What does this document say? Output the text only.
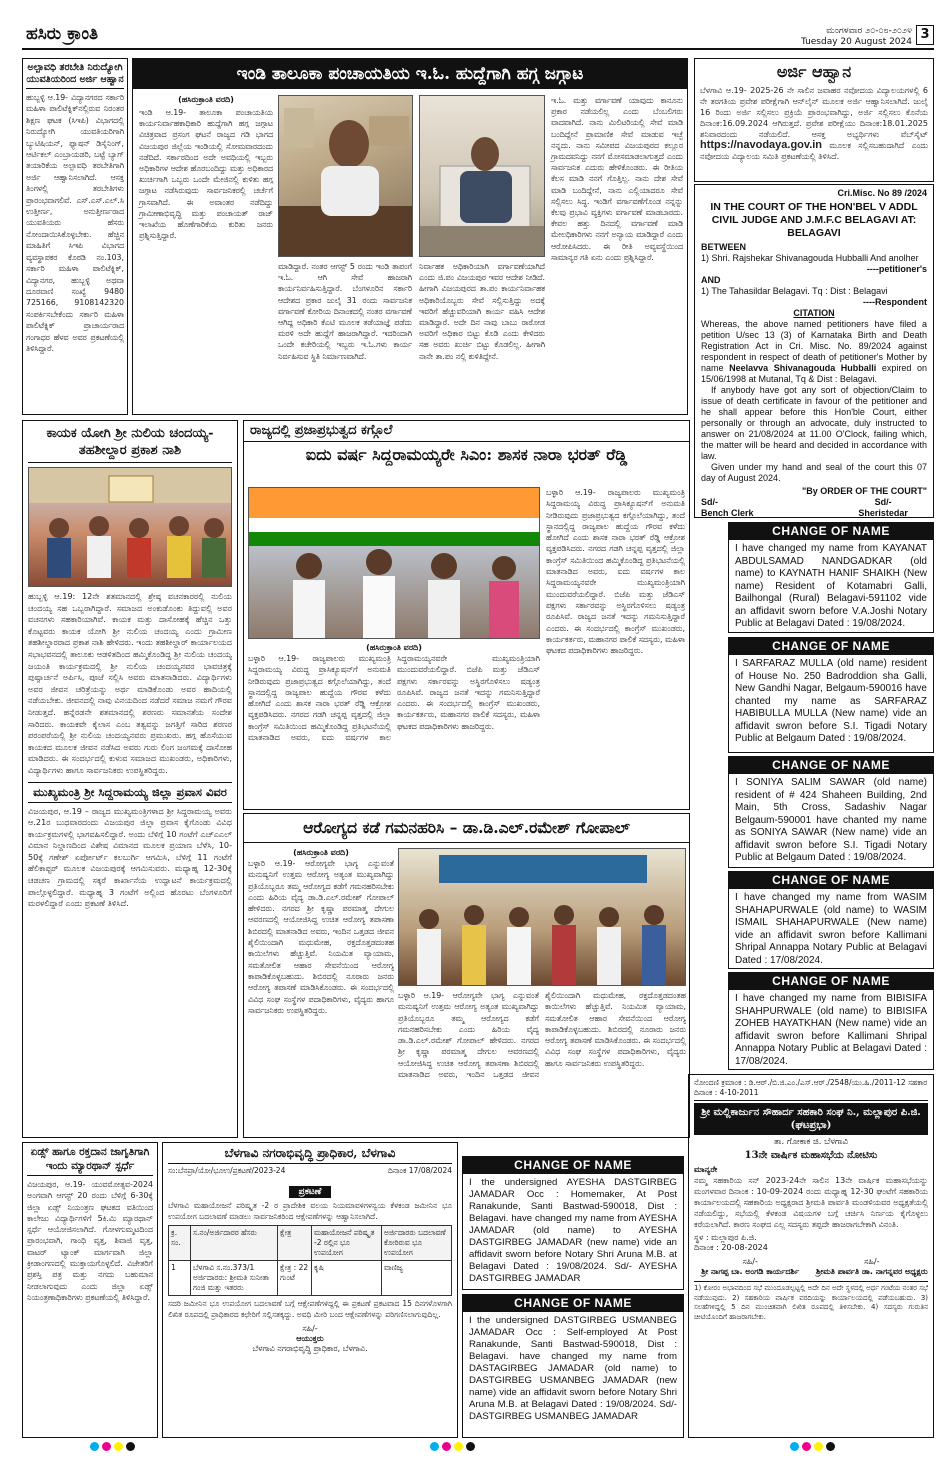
ಹಸಿರು ಕ್ರಾಂತಿ	ಮಂಗಳವಾರ ೨೦-೦೮-೨೦೨೪
Tuesday 20 August 2024 3
ಅಲ್ಪಾವಧಿ ತರಬೇತಿ ನಿರುದ್ಯೋಗಿ ಯುವತಿಯರಿಂದ ಅರ್ಜಿ ಆಹ್ವಾನ
ಹುಬ್ಬಳ್ಳಿ ಆ.19- ವಿದ್ಯಾನಗರದ ಸರ್ಕಾರಿ ಮಹಿಳಾ ಪಾಲಿಟೆಕ್ನಿಕ್‌ನಲ್ಲಿರುವ ನಿರಂತರ ಶಿಕ್ಷಣ ಘಟಕ (ಸಿಇಪಿ) ವಿಭಾಗದಲ್ಲಿ ನಿರುದ್ಯೋಗಿ ಯುವತಿಯರಿಗಾಗಿ ಬ್ಯುಟಿಷಿಯನ್, ಫ್ಯಾಷನ್ ಡಿಸೈನಿಂಗ್, ಆರ್ಟಿಕಲ್ ಎಂಬ್ರಾಯಡರಿ, ಬಟ್ಟೆ ಬ್ಯಾಗ್ ತಯಾರಿಕೆಯ ಅಲ್ಪಾವಧಿ ತರಬೇತಿಗಾಗಿ ಅರ್ಜಿ ಆಹ್ವಾನಿಸಲಾಗಿದೆ. ಆಸಕ್ತ ತಿಂಗಳಲ್ಲಿ ತರಬೇತಿಗಳು ಪ್ರಾರಂಭವಾಗಲಿವೆ. ಎಸ್.ಎಸ್.ಎಲ್.ಸಿ ಉತ್ತೀರ್ಣ, ಅನುತ್ತೀರ್ಣರಾದ ಯುವತಿಯರು ಹೆಸರು ನೋಂದಾಯಿಸಿಕೊಳ್ಳಬೇಕು. ಹೆಚ್ಚಿನ ಮಾಹಿತಿಗೆ ಸಿಇಪಿ ವಿಭಾಗದ ವ್ಯವಸ್ಥಾಪಕರ ಕೊಠಡಿ ನಂ.103, ಸರ್ಕಾರಿ ಮಹಿಳಾ ಪಾಲಿಟೆಕ್ನಿಕ್, ವಿದ್ಯಾನಗರ, ಹುಬ್ಬಳ್ಳಿ ಅಥವಾ ದೂರವಾಣಿ ಸಂಖ್ಯೆ 9480 725166, 9108142320 ಸಂಪರ್ಕಿಸಬೇಕೆಂದು ಸರ್ಕಾರಿ ಮಹಿಳಾ ಪಾಲಿಟೆಕ್ನಿಕ್ ಪ್ರಾಚಾರ್ಯರಾದ ಗಂಗಾಧರ ಹೆಳವ ಅವರ ಪ್ರಕಟಣೆಯಲ್ಲಿ ತಿಳಿಸಿದ್ದಾರೆ.
ಇಂಡಿ ತಾಲೂಕಾ ಪಂಚಾಯತಿಯ ಇ.ಓ. ಹುದ್ದೆಗಾಗಿ ಹಗ್ಗ ಜಗ್ಗಾಟ
(ಹಸಿರುಕ್ರಾಂತಿ ವರದಿ)
ಇಂಡಿ ಆ.19- ತಾಲೂಕಾ ಪಂಚಾಯತಿಯ ಕಾರ್ಯನಿರ್ವಾಹಕಾಧಿಕಾರಿ ಹುದ್ದೆಗಾಗಿ ಹಗ್ಗ ಜಗ್ಗಾಟ ವಿಚಿತ್ರವಾದ ಪ್ರಸಂಗ ಘಟನೆ ರಾಜ್ಯದ ಗಡಿ ಭಾಗದ ವಿಜಯಪುರ ಜಿಲ್ಲೆಯ ಇಂಡಿಯಲ್ಲಿ ಸೋಮವಾರದಂದು ನಡೆದಿದೆ. ಸರ್ಕಾರದಿಂದ ಅದೇ ಅವಧಿಯಲ್ಲಿ ಇಬ್ಬರು ಅಧಿಕಾರಿಗಳ ಆದೇಶ ಹೊರಬಂದಿದ್ದು ಮತ್ತು ಅಧಿಕಾರದ ಖುರ್ಚಿಗಾಗಿ ಒಬ್ಬರು ಒಂದೇ ಮೇಜಿನಲ್ಲಿ ಕುಳಿತು ಹಗ್ಗ ಜಗ್ಗಾಟ ನಡೆಸಿರುವುದು ಸಾರ್ವಜನಿಕರಲ್ಲಿ ಚರ್ಚೆಗೆ ಗ್ರಾಸವಾಗಿದೆ. ಈ ಅವಾಂತರ ನಡೆದಿದ್ದು ಗ್ರಾಮೀಣಾಭಿವೃದ್ಧಿ ಮತ್ತು ಪಂಚಾಯತ್ ರಾಜ್ ಇಲಾಖೆಯ ಹೊಣೆಗಾರಿಕೆಯ ಕುರಿತು ಜನರು ಪ್ರಶ್ನಿಸುತ್ತಿದ್ದಾರೆ.
ಮಾಡಿದ್ದಾರೆ. ನಂತರ ಆಗಸ್ಟ್ 5 ರಂದು ಇಂಡಿ ತಾಪಂಗೆ ಇ.ಓ. ಆಗಿ ಸೇವೆ ಹಾಜರಾಗಿ ಕಾರ್ಯನಿರ್ವಹಿಸುತ್ತಿದ್ದಾರೆ. ಬೆಂಗಳೂರಿನ ಸರ್ಕಾರಿ ಆದೇಶದ ಪ್ರಕಾರ ಜುಲೈ 31 ರಂದು ಸಾರ್ವಜನಿಕ ವರ್ಗಾವಣೆ ಕೋರಿಯ ದಿನಾಂಕದಲ್ಲಿ ನಂತರ ವರ್ಗಾವಣೆ ಆಗಿದ್ದ ಅಧಿಕಾರಿ ಕೆಎಟಿ ಮೂಲಕ ತಡೆಯಾಜ್ಞೆ ಪಡೆದು ಮರಳಿ ಅದೇ ಹುದ್ದೆಗೆ ಹಾಜರಾಗಿದ್ದಾರೆ. ಇದರಿಂದಾಗಿ ಒಂದೇ ಕಚೇರಿಯಲ್ಲಿ ಇಬ್ಬರು ಇ.ಓ.ಗಳು ಕಾರ್ಯ ನಿರ್ವಹಿಸುವ ಸ್ಥಿತಿ ನಿರ್ಮಾಣವಾಗಿದೆ.
ನಿರ್ವಾಹಕ ಅಧಿಕಾರಿಯಾಗಿ ವರ್ಗಾವಣೆಯಾಗಿದೆ ಎಂದು ಜಿ.ಪಂ ವಿಜಯಪುರ ಇವರ ಆದೇಶ ನೀಡಿದೆ. ಹೀಗಾಗಿ ವಿಜಯಪುರದ ತಾ.ಪಂ ಕಾರ್ಯನಿರ್ವಾಹಕ ಅಧಿಕಾರಿಯೊಬ್ಬರು ಸೇವೆ ಸಲ್ಲಿಸುತ್ತಿದ್ದು ಅದಕ್ಕೆ ಇವರಿಗೆ ಹೆಚ್ಚುವರಿಯಾಗಿ ಕಾರ್ಯ ವಹಿಸಿ ಆದೇಶ ಮಾಡಿದ್ದಾರೆ. ಅದೇ ದಿನ ನಾವು ಬಾಬು ರಾಠೋಡ ಅವರಿಗೆ ಅಧಿಕಾರ ಬಿಟ್ಟು ಕೊಡಿ ಎಂದು ಕೇಳಿದರು ಸಹ ಅವರು ಖುರ್ಚಿ ಬಿಟ್ಟು ಕೊಡಲಿಲ್ಲ. ಹೀಗಾಗಿ ನಾನೇ ತಾ.ಪಂ ನಲ್ಲಿ ಕುಳಿತಿದ್ದೇನೆ.
ಇ.ಓ. ಮತ್ತು ವರ್ಗಾವಣೆ ಯಾವುದು ಕಾನೂನು ಪ್ರಕಾರ ನಡೆಯಲಿಲ್ಲ ಎಂದು ಬೆಂಬಲಿಗರು ವಾದವಾಗಿದೆ. ನಾನು ಮಿಲಿಟರಿಯಲ್ಲಿ ಸೇವೆ ಮಾಡಿ ಬಂದಿದ್ದೇನೆ ಪ್ರಾಮಾಣಿಕ ಸೇವೆ ಮಾಡುವ ಇಚ್ಛೆ ನನ್ನದು. ನಾನು ಸಮೀಪದ ವಿಜಯಪುರದ ಕಲ್ಲೂರ ಗ್ರಾಮದವನಿದ್ದು ನನಗೆ ಮೋಸಮಾಡಲಾಗುತ್ತದೆ ಎಂದು ಸಾರ್ವಜನಿಕ ಎದುರು ಹೇಳಿಕೊಂಡರು. ಈ ರೀತಿಯ ಕೆಲಸ ಮಾಡಿ ನನಗೆ ಗೊತ್ತಿಲ್ಲ. ನಾನು ದೇಶ ಸೇವೆ ಮಾಡಿ ಬಂದಿದ್ದೇನೆ, ನಾನು ಎಲ್ಲಿಯಾದರೂ ಸೇವೆ ಸಲ್ಲಿಸಲು ಸಿದ್ಧ. ಇಂಡಿಗೆ ವರ್ಗಾವಣೆಗೊಂಡ ನನ್ನನ್ನು ಕೆಲವು ಪ್ರಭಾವಿ ವ್ಯಕ್ತಿಗಳು ವರ್ಗಾವಣೆ ಮಾಡಬಾರದು. ಕೇವಲ ಹತ್ತು ದಿನದಲ್ಲಿ ವರ್ಗಾವಣೆ ಮಾಡಿ ಮೇಲಧಿಕಾರಿಗಳು ನನಗೆ ಅನ್ಯಾಯ ಮಾಡಿದ್ದಾರೆ ಎಂದು ಆರೋಪಿಸಿದರು. ಈ ರೀತಿ ಅವ್ಯವಸ್ಥೆಯಿಂದ ಸಾಮಾನ್ಯರ ಗತಿ ಏನು ಎಂದು ಪ್ರಶ್ನಿಸಿದ್ದಾರೆ.
ಅರ್ಜಿ ಆಹ್ವಾನ
ಬೆಳಗಾವಿ ಆ.19- 2025-26 ನೇ ಸಾಲಿನ ಜವಾಹರ ನವೋದಯ ವಿದ್ಯಾಲಯಗಳಲ್ಲಿ 6 ನೇ ತರಗತಿಯ ಪ್ರವೇಶ ಪರೀಕ್ಷೆಗಾಗಿ ಆನ್‌ಲೈನ್ ಮೂಲಕ ಅರ್ಜಿ ಆಹ್ವಾನಿಸಲಾಗಿದೆ. ಜುಲೈ 16 ರಿಂದು ಅರ್ಜಿ ಸಲ್ಲಿಸಲು ಪ್ರಕ್ರಿಯೆ ಪ್ರಾರಂಭವಾಗಿದ್ದು, ಅರ್ಜಿ ಸಲ್ಲಿಸಲು ಕೊನೆಯ ದಿನಾಂಕ:16.09.2024 ಆಗಿರುತ್ತದೆ. ಪ್ರವೇಶ ಪರೀಕ್ಷೆಯು ದಿನಾಂಕ:18.01.2025 ಶನಿವಾರದಂದು ನಡೆಯಲಿದೆ. ಆಸಕ್ತ ಅಭ್ಯರ್ಥಿಗಳು ವೆಬ್‌ಸೈಟ್ https://navodaya.gov.in ಮೂಲಕ ಸಲ್ಲಿಸಬಹುದಾಗಿದೆ ಎಂದು ನವೋದಯ ವಿದ್ಯಾಲಯ ಸಮಿತಿ ಪ್ರಕಟಣೆಯಲ್ಲಿ ತಿಳಿಸಿದೆ.
Cri.Misc. No 89 /2024
IN THE COURT OF THE HON'BEL V ADDL CIVIL JUDGE AND J.M.F.C BELAGAVI AT: BELAGAVI
BETWEEN
1) Shri. Rajshekar Shivanagouda Hubballi And anolher
----petitioner's
AND
1) The Tahasildar Belagavi. Tq : Dist : Belagavi
----Respondent
CITATION
Whereas, the above named petitioners have filed a petition U/sec 13 (3) of Karnataka Birth and Death Registration Act in Cri. Misc. No. 89/2024 against respondent in respect of death of petitioner's Mother by name Neelavva Shivanagouda Hubballi expired on 15/06/1998 at Mutanal, Tq & Dist : Belagavi.
If anybody have got any sort of objection/Claim to issue of death certificate in favour of the petitioner and he shall appear before this Hon'ble Court, either personally or through an advocate, duly instructed to answer on 21/08/2024 at 11.00 O'Clock, failing which, the matter will be heard and decided in accordance with law.
Given under my hand and seal of the court this 07 day of August 2024.
"By ORDER OF THE COURT"
Sd/-
Bench Clerk
Sd/-
Sheristedar
CHANGE OF NAME
I have changed my name from KAYANAT ABDULSAMAD NANDGADKAR (old name) to KAYNATH HANIF SHAIKH (New name) Resident of Kotamabri Galli, Bailhongal (Rural) Belagavi-591102 vide an affidavit sworn before V.A.Joshi Notary Public at Belagavi Dated : 19/08/2024.
CHANGE OF NAME
I SARFARAZ MULLA (old name) resident of House No. 250 Badroddion sha Galli, New Gandhi Nagar, Belgaum-590016 have chanted my name as SARFARAZ HABIBULLA MULLA (New name) vide an affidavit swron before S.I. Tigadi Notary Public at Belgaum Dated : 19/08/2024.
CHANGE OF NAME
I SONIYA SALIM SAWAR (old name) resident of # 424 Shaheen Building, 2nd Main, 5th Cross, Sadashiv Nagar Belgaum-590001 have chanted my name as SONIYA SAWAR (New name) vide an affidavit swron before S.I. Tigadi Notary Public at Belgaum Dated : 19/08/2024.
CHANGE OF NAME
I have changed my name from WASIM SHAHAPURWALE (old name) to WASIM ISMAIL SHAHAPURWALE (New name) vide an affidavit swron before Kallimani Shripal Annappa Notary Public at Belagavi Dated : 17/08/2024.
CHANGE OF NAME
I have changed my name from BIBISIFA SHAHPURWALE (old name) to BIBISIFA ZOHEB HAYATKHAN (New name) vide an affidavit swron before Kallimani Shripal Annappa Notary Public at Belagavi Dated : 17/08/2024.
ಕಾಯಕ ಯೋಗಿ ಶ್ರೀ ನುಲಿಯ ಚಂದಯ್ಯ-ತಹಶೀಲ್ದಾರ ಪ್ರಕಾಶ ನಾಶಿ
ಹುಬ್ಬಳ್ಳಿ ಆ.19: 12ನೇ ಶತಮಾನದಲ್ಲಿ ಶ್ರೇಷ್ಠ ವಚನಕಾರರಲ್ಲಿ ನುಲಿಯ ಚಂದಯ್ಯ ಸಹ ಒಬ್ಬರಾಗಿದ್ದಾರೆ. ಸಮಾಜದ ಅಂಕುಡೊಂಕು ತಿದ್ದುವಲ್ಲಿ ಅವರ ವಚನಗಳು ಸಹಕಾರಿಯಾಗಿವೆ. ಕಾಯಕ ಮತ್ತು ದಾಸೋಹಕ್ಕೆ ಹೆಚ್ಚಿನ ಒತ್ತು ಕೊಟ್ಟವರು ಕಾಯಕ ಯೋಗಿ ಶ್ರೀ ನುಲಿಯ ಚಂದಯ್ಯ ಎಂದು ಗ್ರಾಮೀಣ ತಹಶೀಲ್ದಾರರಾದ ಪ್ರಕಾಶ ನಾಶಿ ಹೇಳಿದರು. ಇಂದು ತಹಶೀಲ್ದಾರ್ ಕಾರ್ಯಾಲಯದ ಸಭಾಭವನದಲ್ಲಿ ತಾಲೂಕು ಆಡಳಿತದಿಂದ ಹಮ್ಮಿಕೊಂಡಿದ್ದ ಶ್ರೀ ನುಲಿಯ ಚಂದಯ್ಯ ಜಯಂತಿ ಕಾರ್ಯಕ್ರಮದಲ್ಲಿ ಶ್ರೀ ನುಲಿಯ ಚಂದಯ್ಯನವರ ಭಾವಚಿತ್ರಕ್ಕೆ ಪುಷ್ಪಾರ್ಚನೆ ಅರ್ಪಿಸಿ, ಪೂಜೆ ಸಲ್ಲಿಸಿ ಅವರು ಮಾತನಾಡಿದರು. ವಿದ್ಯಾರ್ಥಿಗಳು ಅವರ ಜೀವನ ಚರಿತ್ರೆಯನ್ನು ಅರ್ಥ ಮಾಡಿಕೊಂಡು ಅವರ ಹಾದಿಯಲ್ಲಿ ನಡೆಯಬೇಕು. ಜೀವನದಲ್ಲಿ ನಾವು ವಿನಯದಿಂದ ನಡೆದರೆ ಸಮಾಜ ನಮಗೆ ಗೌರವ ನೀಡುತ್ತದೆ. ಹನ್ನೆರಡನೇ ಶತಮಾನದಲ್ಲಿ ಶರಣರು ಸಮಾನತೆಯ ಸಂದೇಶ ಸಾರಿದರು. ಕಾಯಕವೇ ಕೈಲಾಸ ಎಂಬ ತತ್ವವನ್ನು ಜಗತ್ತಿಗೆ ಸಾರಿದ ಶರಣರ ಪರಂಪರೆಯಲ್ಲಿ ಶ್ರೀ ನುಲಿಯ ಚಂದಯ್ಯನವರು ಪ್ರಮುಖರು. ಹಗ್ಗ ಹೊಸೆಯುವ ಕಾಯಕದ ಮೂಲಕ ಜೀವನ ನಡೆಸಿದ ಅವರು ಗುರು ಲಿಂಗ ಜಂಗಮಕ್ಕೆ ದಾಸೋಹ ಮಾಡಿದರು. ಈ ಸಂದರ್ಭದಲ್ಲಿ ಕುಳುವ ಸಮಾಜದ ಮುಖಂಡರು, ಅಧಿಕಾರಿಗಳು, ವಿದ್ಯಾರ್ಥಿಗಳು ಹಾಗೂ ಸಾರ್ವಜನಿಕರು ಉಪಸ್ಥಿತರಿದ್ದರು.
ಮುಖ್ಯಮಂತ್ರಿ ಶ್ರೀ ಸಿದ್ದರಾಮಯ್ಯ ಜಿಲ್ಲಾ ಪ್ರವಾಸ ವಿವರ
ವಿಜಯಪುರ, ಆ.19 – ರಾಜ್ಯದ ಮುಖ್ಯಮಂತ್ರಿಗಳಾದ ಶ್ರೀ ಸಿದ್ದರಾಮಯ್ಯ ಅವರು ಆ.21ರ ಬುಧವಾರದಂದು ವಿಜಯಪುರ ಜಿಲ್ಲಾ ಪ್ರವಾಸ ಕೈಗೊಂಡು ವಿವಿಧ ಕಾರ್ಯಕ್ರಮಗಳಲ್ಲಿ ಭಾಗವಹಿಸಲಿದ್ದಾರೆ. ಅಂದು ಬೆಳಿಗ್ಗೆ 10 ಗಂಟೆಗೆ ಎಚ್‌ಎಎಲ್ ವಿಮಾನ ನಿಲ್ದಾಣದಿಂದ ವಿಶೇಷ ವಿಮಾನದ ಮೂಲಕ ಪ್ರಯಾಣ ಬೆಳೆಸಿ, 10-50ಕ್ಕೆ ಗಣೇಶ್ ಏರ್ಪೋರ್ಟ್ ಕಲಬುರ್ಗಿ ಆಗಮಿಸಿ, ಬೆಳಿಗ್ಗೆ 11 ಗಂಟೆಗೆ ಹೆಲಿಕಾಪ್ಟರ್ ಮೂಲಕ ವಿಜಯಪುರಕ್ಕೆ ಆಗಮಿಸುವರು. ಮಧ್ಯಾಹ್ನ 12-30ಕ್ಕೆ ಚಡಚಣ ಗ್ರಾಮದಲ್ಲಿ ಸಕ್ಕರೆ ಕಾರ್ಖಾನೆಯ ಉದ್ಘಾಟನೆ ಕಾರ್ಯಕ್ರಮದಲ್ಲಿ ಪಾಲ್ಗೊಳ್ಳಲಿದ್ದಾರೆ. ಮಧ್ಯಾಹ್ನ 3 ಗಂಟೆಗೆ ಅಲ್ಲಿಂದ ಹೊರಟು ಬೆಂಗಳೂರಿಗೆ ಮರಳಲಿದ್ದಾರೆ ಎಂದು ಪ್ರಕಟಣೆ ತಿಳಿಸಿದೆ.
ರಾಜ್ಯದಲ್ಲಿ ಪ್ರಜಾಪ್ರಭುತ್ವದ ಕಗ್ಗೊಲೆ
ಐದು ವರ್ಷ ಸಿದ್ದರಾಮಯ್ಯರೇ ಸಿಎಂ: ಶಾಸಕ ನಾರಾ ಭರತ್ ರೆಡ್ಡಿ
(ಹಸಿರುಕ್ರಾಂತಿ ವರದಿ)
ಬಳ್ಳಾರಿ ಆ.19- ರಾಜ್ಯಪಾಲರು ಮುಖ್ಯಮಂತ್ರಿ ಸಿದ್ದರಾಮಯ್ಯ ವಿರುದ್ಧ ಪ್ರಾಸಿಕ್ಯೂಷನ್‌ಗೆ ಅನುಮತಿ ನೀಡಿರುವುದು ಪ್ರಜಾಪ್ರಭುತ್ವದ ಕಗ್ಗೊಲೆಯಾಗಿದ್ದು, ತಂದೆ ಸ್ಥಾನದಲ್ಲಿದ್ದ ರಾಜ್ಯಪಾಲ ಹುದ್ದೆಯ ಗೌರವ ಕಳೆದು ಹೋಗಿದೆ ಎಂದು ಶಾಸಕ ನಾರಾ ಭರತ್ ರೆಡ್ಡಿ ಆಕ್ರೋಶ ವ್ಯಕ್ತಪಡಿಸಿದರು. ನಗರದ ಗಡಗಿ ಚನ್ನಪ್ಪ ವೃತ್ತದಲ್ಲಿ ಜಿಲ್ಲಾ ಕಾಂಗ್ರೆಸ್ ಸಮಿತಿಯಿಂದ ಹಮ್ಮಿಕೊಂಡಿದ್ದ ಪ್ರತಿಭಟನೆಯಲ್ಲಿ ಮಾತನಾಡಿದ ಅವರು, ಐದು ವರ್ಷಗಳ ಕಾಲ ಸಿದ್ದರಾಮಯ್ಯನವರೇ ಮುಖ್ಯಮಂತ್ರಿಯಾಗಿ ಮುಂದುವರೆಯಲಿದ್ದಾರೆ. ಬಿಜೆಪಿ ಮತ್ತು ಜೆಡಿಎಸ್ ಪಕ್ಷಗಳು ಸರ್ಕಾರವನ್ನು ಅಸ್ಥಿರಗೊಳಿಸಲು ಷಡ್ಯಂತ್ರ ರೂಪಿಸಿವೆ. ರಾಜ್ಯದ ಜನತೆ ಇದನ್ನು ಗಮನಿಸುತ್ತಿದ್ದಾರೆ ಎಂದರು. ಈ ಸಂದರ್ಭದಲ್ಲಿ ಕಾಂಗ್ರೆಸ್ ಮುಖಂಡರು, ಕಾರ್ಯಕರ್ತರು, ಮಹಾನಗರ ಪಾಲಿಕೆ ಸದಸ್ಯರು, ಮಹಿಳಾ ಘಟಕದ ಪದಾಧಿಕಾರಿಗಳು ಹಾಜರಿದ್ದರು.
ಬಳ್ಳಾರಿ ಆ.19- ರಾಜ್ಯಪಾಲರು ಮುಖ್ಯಮಂತ್ರಿ ಸಿದ್ದರಾಮಯ್ಯ ವಿರುದ್ಧ ಪ್ರಾಸಿಕ್ಯೂಷನ್‌ಗೆ ಅನುಮತಿ ನೀಡಿರುವುದು ಪ್ರಜಾಪ್ರಭುತ್ವದ ಕಗ್ಗೊಲೆಯಾಗಿದ್ದು, ತಂದೆ ಸ್ಥಾನದಲ್ಲಿದ್ದ ರಾಜ್ಯಪಾಲ ಹುದ್ದೆಯ ಗೌರವ ಕಳೆದು ಹೋಗಿದೆ ಎಂದು ಶಾಸಕ ನಾರಾ ಭರತ್ ರೆಡ್ಡಿ ಆಕ್ರೋಶ ವ್ಯಕ್ತಪಡಿಸಿದರು. ನಗರದ ಗಡಗಿ ಚನ್ನಪ್ಪ ವೃತ್ತದಲ್ಲಿ ಜಿಲ್ಲಾ ಕಾಂಗ್ರೆಸ್ ಸಮಿತಿಯಿಂದ ಹಮ್ಮಿಕೊಂಡಿದ್ದ ಪ್ರತಿಭಟನೆಯಲ್ಲಿ ಮಾತನಾಡಿದ ಅವರು, ಐದು ವರ್ಷಗಳ ಕಾಲ ಸಿದ್ದರಾಮಯ್ಯನವರೇ ಮುಖ್ಯಮಂತ್ರಿಯಾಗಿ ಮುಂದುವರೆಯಲಿದ್ದಾರೆ. ಬಿಜೆಪಿ ಮತ್ತು ಜೆಡಿಎಸ್ ಪಕ್ಷಗಳು ಸರ್ಕಾರವನ್ನು ಅಸ್ಥಿರಗೊಳಿಸಲು ಷಡ್ಯಂತ್ರ ರೂಪಿಸಿವೆ. ರಾಜ್ಯದ ಜನತೆ ಇದನ್ನು ಗಮನಿಸುತ್ತಿದ್ದಾರೆ ಎಂದರು. ಈ ಸಂದರ್ಭದಲ್ಲಿ ಕಾಂಗ್ರೆಸ್ ಮುಖಂಡರು, ಕಾರ್ಯಕರ್ತರು, ಮಹಾನಗರ ಪಾಲಿಕೆ ಸದಸ್ಯರು, ಮಹಿಳಾ ಘಟಕದ ಪದಾಧಿಕಾರಿಗಳು ಹಾಜರಿದ್ದರು.
ಆರೋಗ್ಯದ ಕಡೆ ಗಮನಹರಿಸಿ – ಡಾ.ಡಿ.ಎಲ್.ರಮೇಶ್ ಗೋಪಾಲ್
(ಹಸಿರುಕ್ರಾಂತಿ ವರದಿ)
ಬಳ್ಳಾರಿ ಆ.19- ಆರೋಗ್ಯವೇ ಭಾಗ್ಯ ಎನ್ನುವಂತೆ ಮನುಷ್ಯನಿಗೆ ಉತ್ತಮ ಆರೋಗ್ಯ ಅತ್ಯಂತ ಮುಖ್ಯವಾಗಿದ್ದು ಪ್ರತಿಯೊಬ್ಬರೂ ತಮ್ಮ ಆರೋಗ್ಯದ ಕಡೆಗೆ ಗಮನಹರಿಸಬೇಕು ಎಂದು ಹಿರಿಯ ವೈದ್ಯ ಡಾ.ಡಿ.ಎಲ್.ರಮೇಶ್ ಗೋಪಾಲ್ ಹೇಳಿದರು. ನಗರದ ಶ್ರೀ ಕೃಷ್ಣಾ ಪರಮಾತ್ಮ ದೇಗುಲ ಆವರಣದಲ್ಲಿ ಆಯೋಜಿಸಿದ್ದ ಉಚಿತ ಆರೋಗ್ಯ ತಪಾಸಣಾ ಶಿಬಿರದಲ್ಲಿ ಮಾತನಾಡಿದ ಅವರು, ಇಂದಿನ ಒತ್ತಡದ ಜೀವನ ಶೈಲಿಯಿಂದಾಗಿ ಮಧುಮೇಹ, ರಕ್ತದೊತ್ತಡದಂತಹ ಕಾಯಿಲೆಗಳು ಹೆಚ್ಚುತ್ತಿವೆ. ನಿಯಮಿತ ವ್ಯಾಯಾಮ, ಸಮತೋಲಿತ ಆಹಾರ ಸೇವನೆಯಿಂದ ಆರೋಗ್ಯ ಕಾಪಾಡಿಕೊಳ್ಳಬಹುದು. ಶಿಬಿರದಲ್ಲಿ ನೂರಾರು ಜನರು ಆರೋಗ್ಯ ತಪಾಸಣೆ ಮಾಡಿಸಿಕೊಂಡರು. ಈ ಸಂದರ್ಭದಲ್ಲಿ ವಿವಿಧ ಸಂಘ ಸಂಸ್ಥೆಗಳ ಪದಾಧಿಕಾರಿಗಳು, ವೈದ್ಯರು ಹಾಗೂ ಸಾರ್ವಜನಿಕರು ಉಪಸ್ಥಿತರಿದ್ದರು.
ಬಳ್ಳಾರಿ ಆ.19- ಆರೋಗ್ಯವೇ ಭಾಗ್ಯ ಎನ್ನುವಂತೆ ಮನುಷ್ಯನಿಗೆ ಉತ್ತಮ ಆರೋಗ್ಯ ಅತ್ಯಂತ ಮುಖ್ಯವಾಗಿದ್ದು ಪ್ರತಿಯೊಬ್ಬರೂ ತಮ್ಮ ಆರೋಗ್ಯದ ಕಡೆಗೆ ಗಮನಹರಿಸಬೇಕು ಎಂದು ಹಿರಿಯ ವೈದ್ಯ ಡಾ.ಡಿ.ಎಲ್.ರಮೇಶ್ ಗೋಪಾಲ್ ಹೇಳಿದರು. ನಗರದ ಶ್ರೀ ಕೃಷ್ಣಾ ಪರಮಾತ್ಮ ದೇಗುಲ ಆವರಣದಲ್ಲಿ ಆಯೋಜಿಸಿದ್ದ ಉಚಿತ ಆರೋಗ್ಯ ತಪಾಸಣಾ ಶಿಬಿರದಲ್ಲಿ ಮಾತನಾಡಿದ ಅವರು, ಇಂದಿನ ಒತ್ತಡದ ಜೀವನ ಶೈಲಿಯಿಂದಾಗಿ ಮಧುಮೇಹ, ರಕ್ತದೊತ್ತಡದಂತಹ ಕಾಯಿಲೆಗಳು ಹೆಚ್ಚುತ್ತಿವೆ. ನಿಯಮಿತ ವ್ಯಾಯಾಮ, ಸಮತೋಲಿತ ಆಹಾರ ಸೇವನೆಯಿಂದ ಆರೋಗ್ಯ ಕಾಪಾಡಿಕೊಳ್ಳಬಹುದು. ಶಿಬಿರದಲ್ಲಿ ನೂರಾರು ಜನರು ಆರೋಗ್ಯ ತಪಾಸಣೆ ಮಾಡಿಸಿಕೊಂಡರು. ಈ ಸಂದರ್ಭದಲ್ಲಿ ವಿವಿಧ ಸಂಘ ಸಂಸ್ಥೆಗಳ ಪದಾಧಿಕಾರಿಗಳು, ವೈದ್ಯರು ಹಾಗೂ ಸಾರ್ವಜನಿಕರು ಉಪಸ್ಥಿತರಿದ್ದರು.
ಏಡ್ಸ್ ಹಾಗೂ ರಕ್ತದಾನ ಜಾಗೃತಿಗಾಗಿ ಇಂದು ಮ್ಯಾರಥಾನ್ ಸ್ಪರ್ಧೆ
ವಿಜಯಪುರ, ಆ.19- ಯುವಮೋತ್ಸವ-2024 ಅಂಗವಾಗಿ ಆಗಸ್ಟ್ 20 ರಂದು ಬೆಳಿಗ್ಗೆ 6-30ಕ್ಕೆ ಜಿಲ್ಲಾ ಏಡ್ಸ್ ನಿಯಂತ್ರಣ ಘಟಕದ ವತಿಯಿಂದ ಕಾಲೇಜು ವಿದ್ಯಾರ್ಥಿಗಳಿಗೆ 5ಕಿ.ಮಿ ಮ್ಯಾರಥಾನ್ ಸ್ಪರ್ಧೆ ಆಯೋಜಿಸಲಾಗಿದೆ. ಗೋಳಗುಮ್ಮಟದಿಂದ ಪ್ರಾರಂಭವಾಗಿ, ಗಾಂಧಿ ವೃತ್ತ, ಶಿವಾಜಿ ವೃತ್ತ, ವಾಟರ್ ಟ್ಯಾಂಕ್ ಮಾರ್ಗವಾಗಿ ಜಿಲ್ಲಾ ಕ್ರೀಡಾಂಗಣದಲ್ಲಿ ಮುಕ್ತಾಯಗೊಳ್ಳಲಿದೆ. ವಿಜೇತರಿಗೆ ಪ್ರಶಸ್ತಿ ಪತ್ರ ಮತ್ತು ನಗದು ಬಹುಮಾನ ನೀಡಲಾಗುವುದು ಎಂದು ಜಿಲ್ಲಾ ಏಡ್ಸ್ ನಿಯಂತ್ರಣಾಧಿಕಾರಿಗಳು ಪ್ರಕಟಣೆಯಲ್ಲಿ ತಿಳಿಸಿದ್ದಾರೆ.
ಬೆಳಗಾವಿ ನಗರಾಭಿವೃದ್ಧಿ ಪ್ರಾಧಿಕಾರ, ಬೆಳಗಾವಿ
ಸಂ:ಬೆನಪ್ರಾ/ಯೋ/ಭೂಉ/ಪ್ರಕಟಣೆ/2023-24	ದಿನಾಂಕ 17/08/2024
ಪ್ರಕಟಣೆ
ಬೆಳಗಾವಿ ಮಹಾಯೋಜನೆ ಪರಿಷ್ಕೃತ -2 ರ ಪ್ರಾದೇಶಿಕ ವಲಯ ನಿಯಮಾವಳಿಗಳನ್ವಯ ಕೆಳಕಂಡ ಜಮೀನಿನ ಭೂ ಉಪಯೋಗ ಬದಲಾವಣೆ ಮಾಡಲು ಸಾರ್ವಜನಿಕರಿಂದ ಆಕ್ಷೇಪಣೆಗಳನ್ನು ಆಹ್ವಾನಿಸಲಾಗಿದೆ.
ಕ್ರ. ಸಂ.	ಸ.ನಂ/ಅರ್ಜಿದಾರರ ಹೆಸರು	ಕ್ಷೇತ್ರ	ಮಹಾಯೋಜನೆ ಪರಿಷ್ಕೃತ -2 ರಲ್ಲಿನ ಭೂ ಉಪಯೋಗ	ಅರ್ಜಿದಾರರು ಬದಲಾವಣೆ ಕೋರಿರುವ ಭೂ ಉಪಯೋಗ
1	ಬೆಳಗಾವಿ ಸ.ನಂ.373/1 ಅರ್ಜಿದಾರರು: ಶ್ರೀಮತಿ ಸುನೀತಾ ಗಂಜಿ ಮತ್ತು ಇತರರು	ಕ್ಷೇತ್ರ : 22 ಗುಂಟೆ	ಕೃಷಿ	ವಾಣಿಜ್ಯ
ಸದರಿ ಜಮೀನಿನ ಭೂ ಉಪಯೋಗ ಬದಲಾವಣೆ ಬಗ್ಗೆ ಆಕ್ಷೇಪಣೆಗಳಿದ್ದಲ್ಲಿ ಈ ಪ್ರಕಟಣೆ ಪ್ರಕಟವಾದ 15 ದಿನಗಳೊಳಗಾಗಿ ಲಿಖಿತ ರೂಪದಲ್ಲಿ ಪ್ರಾಧಿಕಾರದ ಕಛೇರಿಗೆ ಸಲ್ಲಿಸತಕ್ಕದ್ದು. ಅವಧಿ ಮೀರಿ ಬಂದ ಆಕ್ಷೇಪಣೆಗಳನ್ನು ಪರಿಗಣಿಸಲಾಗುವುದಿಲ್ಲ.
ಸಹಿ/-
ಆಯುಕ್ತರು
ಬೆಳಗಾವಿ ನಗರಾಭಿವೃದ್ಧಿ ಪ್ರಾಧಿಕಾರ, ಬೆಳಗಾವಿ.
CHANGE OF NAME
I the undersigned AYESHA DASTGIRBEG JAMADAR Occ : Homemaker, At Post Ranakunde, Santi Bastwad-590018, Dist : Belagavi. have changed my name from AYESHA JAMADAR (old name) to AYESHA DASTGIRBEG JAMADAR (new name) vide an affidavit sworn before Notary Shri Aruna M.B. at Belagavi Dated : 19/08/2024. Sd/- AYESHA DASTGIRBEG JAMADAR
CHANGE OF NAME
I the undersigned DASTGIRBEG USMANBEG JAMADAR Occ : Self-employed At Post Ranakunde, Santi Bastwad-590018, Dist : Belagavi. have changed my name from DASTAGIRBEG JAMADAR (old name) to DASTGIRBEG USMANBEG JAMADAR (new name) vide an affidavit sworn before Notary Shri Aruna M.B. at Belagavi Dated : 19/08/2024. Sd/- DASTGIRBEG USMANBEG JAMADAR
ನೋಂದಣಿ ಕ್ರಮಾಂಕ : ಡಿ.ಆರ್./ಬಿ.ಜಿ.ಎಂ./ಎಸ್.ಆರ್./2548/ಯು.ಹಿ./2011-12 ಸಹಕಾರ ದಿನಾಂಕ : 4-10-2011
ಶ್ರೀ ಮಲ್ಲಿಕಾರ್ಜುನ ಸೌಹಾರ್ದ ಸಹಕಾರಿ ಸಂಘ ನಿ., ಮಲ್ಲಾಪುರ ಪಿ.ಜಿ. (ಘಟಪ್ರಭಾ)
ತಾ. ಗೋಕಾಕ ಜಿ. ಬೆಳಗಾವಿ
13ನೇ ವಾರ್ಷಿಕ ಮಹಾಸಭೆಯ ನೋಟಿಸು
ಮಾನ್ಯರೇ
ನಮ್ಮ ಸಹಕಾರಿಯ ಸನ್ 2023-24ನೇ ಸಾಲಿನ 13ನೇ ವಾರ್ಷಿಕ ಮಹಾಸಭೆಯನ್ನು ಮಂಗಳವಾರ ದಿನಾಂಕ : 10-09-2024 ರಂದು ಮಧ್ಯಾಹ್ನ 12-30 ಘಂಟೆಗೆ ಸಹಕಾರಿಯ ಕಾರ್ಯಾಲಯದಲ್ಲಿ ಸಹಕಾರಿಯ ಅಧ್ಯಕ್ಷರಾದ ಶ್ರೀಮತಿ ಪಾರ್ವತಿ ಮಂಡಳಿಯವರ ಅಧ್ಯಕ್ಷತೆಯಲ್ಲಿ ನಡೆಯಲಿದ್ದು, ಸಭೆಯಲ್ಲಿ ಕೆಳಕಂಡ ವಿಷಯಗಳ ಬಗ್ಗೆ ಚರ್ಚಿಸಿ ನಿರ್ಣಯ ಕೈಗೊಳ್ಳಲು ಕರೆಯಲಾಗಿದೆ. ಕಾರಣ ಸಂಘದ ಎಲ್ಲ ಸದಸ್ಯರು ತಪ್ಪದೇ ಹಾಜರಾಗಬೇಕಾಗಿ ವಿನಂತಿ.
ಸ್ಥಳ : ಮಲ್ಲಾಪುರ ಪಿ.ಜಿ.
ದಿನಾಂಕ : 20-08-2024
ಸಹಿ/-
ಶ್ರೀ ನಾಗಪ್ಪ ಬಾ. ಅಂಗಡಿ ಕಾರ್ಯದರ್ಶಿ
ಸಹಿ/-
ಶ್ರೀಮತಿ ಪಾರ್ವತಿ ಡಾ. ನಾಗನ್ನವರ ಅಧ್ಯಕ್ಷರು
1) ಕೋರಂ ಅಭಾವದಿಂದ ಸಭೆ ಮುಂದೂಡಲ್ಪಟ್ಟಲ್ಲಿ ಅದೇ ದಿನ ಅದೇ ಸ್ಥಳದಲ್ಲಿ ಅರ್ಧ ಗಂಟೆಯ ನಂತರ ಸಭೆ ನಡೆಯುವುದು. 2) ಸಹಕಾರಿಯ ವಾರ್ಷಿಕ ವರದಿಯನ್ನು ಕಾರ್ಯಾಲಯದಲ್ಲಿ ಪಡೆಯಬಹುದು. 3) ಸಲಹೆಗಳಿದ್ದಲ್ಲಿ 5 ದಿನ ಮುಂಚಿತವಾಗಿ ಲಿಖಿತ ರೂಪದಲ್ಲಿ ತಿಳಿಸಬೇಕು. 4) ಸದಸ್ಯರು ಗುರುತಿನ ಚೀಟಿಯೊಂದಿಗೆ ಹಾಜರಾಗಬೇಕು.
